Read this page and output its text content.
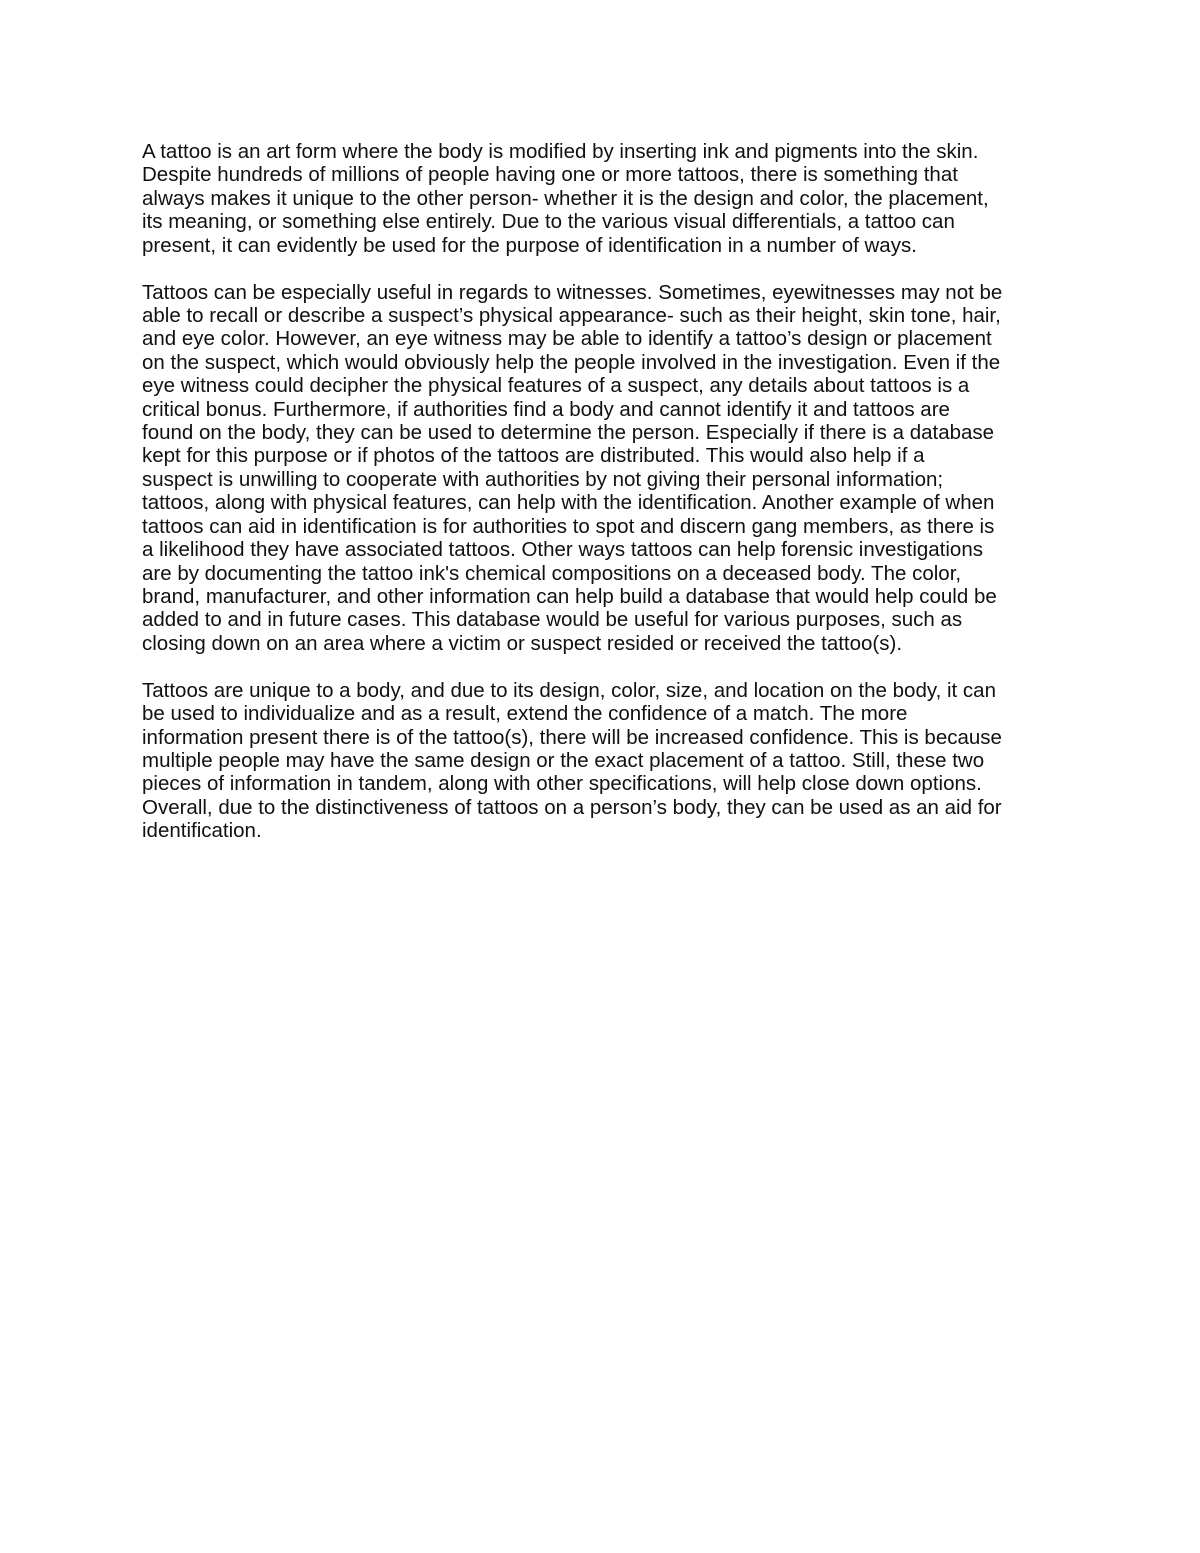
A tattoo is an art form where the body is modified by inserting ink and pigments into the skin.
Despite hundreds of millions of people having one or more tattoos, there is something that
always makes it unique to the other person- whether it is the design and color, the placement,
its meaning, or something else entirely. Due to the various visual differentials, a tattoo can
present, it can evidently be used for the purpose of identification in a number of ways.

Tattoos can be especially useful in regards to witnesses. Sometimes, eyewitnesses may not be
able to recall or describe a suspect’s physical appearance- such as their height, skin tone, hair,
and eye color. However, an eye witness may be able to identify a tattoo’s design or placement
on the suspect, which would obviously help the people involved in the investigation. Even if the
eye witness could decipher the physical features of a suspect, any details about tattoos is a
critical bonus. Furthermore, if authorities find a body and cannot identify it and tattoos are
found on the body, they can be used to determine the person. Especially if there is a database
kept for this purpose or if photos of the tattoos are distributed. This would also help if a
suspect is unwilling to cooperate with authorities by not giving their personal information;
tattoos, along with physical features, can help with the identification. Another example of when
tattoos can aid in identification is for authorities to spot and discern gang members, as there is
a likelihood they have associated tattoos. Other ways tattoos can help forensic investigations
are by documenting the tattoo ink's chemical compositions on a deceased body. The color,
brand, manufacturer, and other information can help build a database that would help could be
added to and in future cases. This database would be useful for various purposes, such as
closing down on an area where a victim or suspect resided or received the tattoo(s).

Tattoos are unique to a body, and due to its design, color, size, and location on the body, it can
be used to individualize and as a result, extend the confidence of a match. The more
information present there is of the tattoo(s), there will be increased confidence. This is because
multiple people may have the same design or the exact placement of a tattoo. Still, these two
pieces of information in tandem, along with other specifications, will help close down options.
Overall, due to the distinctiveness of tattoos on a person’s body, they can be used as an aid for
identification.
